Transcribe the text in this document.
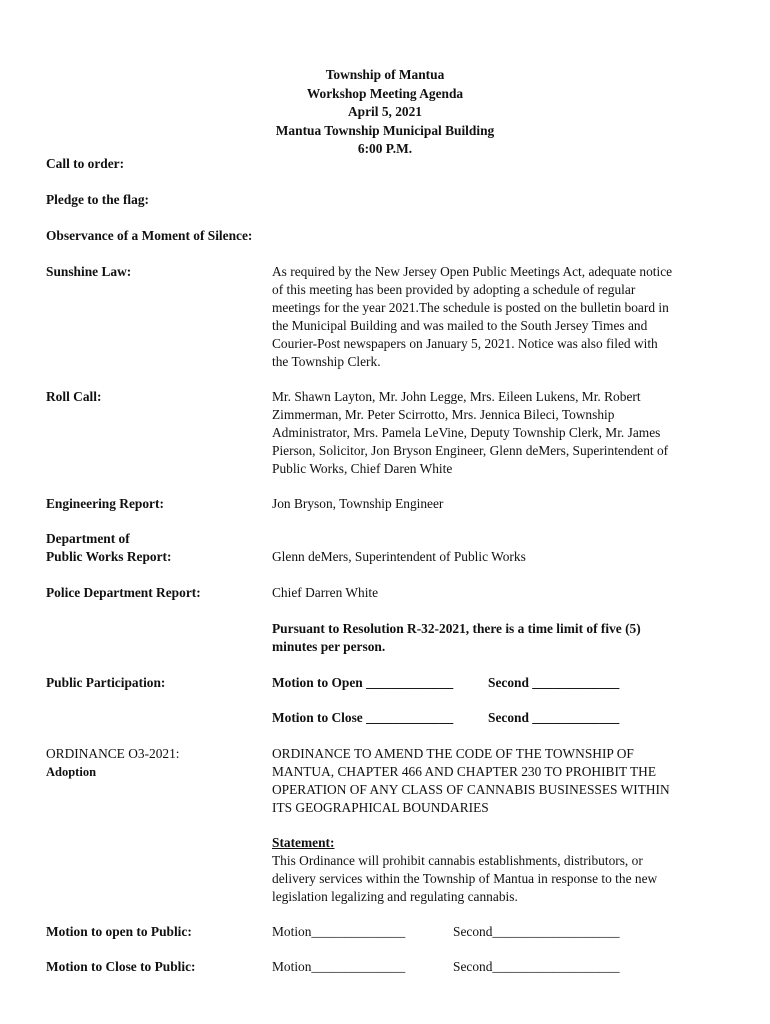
Township of Mantua
Workshop Meeting Agenda
April 5, 2021
Mantua Township Municipal Building
6:00 P.M.
Call to order:
Pledge to the flag:
Observance of a Moment of Silence:
Sunshine Law:	As required by the New Jersey Open Public Meetings Act, adequate notice
of this meeting has been provided by adopting a schedule of regular
meetings for the year 2021.The schedule is posted on the bulletin board in
the Municipal Building and was mailed to the South Jersey Times and
Courier-Post newspapers on January 5, 2021. Notice was also filed with
the Township Clerk.
Roll Call:	Mr. Shawn Layton, Mr. John Legge, Mrs. Eileen Lukens, Mr. Robert
Zimmerman, Mr. Peter Scirrotto, Mrs. Jennica Bileci, Township
Administrator, Mrs. Pamela LeVine, Deputy Township Clerk, Mr. James
Pierson, Solicitor, Jon Bryson Engineer, Glenn deMers, Superintendent of
Public Works, Chief Daren White
Engineering Report:	Jon Bryson, Township Engineer
Department of
Public Works Report:	Glenn deMers, Superintendent of Public Works
Police Department Report:	Chief Darren White
Pursuant to Resolution R-32-2021, there is a time limit of five (5)
minutes per person.
Public Participation:	Motion to Open _____________	Second _____________
Motion to Close _____________	Second _____________
ORDINANCE O3-2021:
Adoption
ORDINANCE TO AMEND THE CODE OF THE TOWNSHIP OF
MANTUA, CHAPTER 466 AND CHAPTER 230 TO PROHIBIT THE
OPERATION OF ANY CLASS OF CANNABIS BUSINESSES WITHIN
ITS GEOGRAPHICAL BOUNDARIES
Statement:
This Ordinance will prohibit cannabis establishments, distributors, or
delivery services within the Township of Mantua in response to the new
legislation legalizing and regulating cannabis.
Motion to open to Public:	Motion______________	Second___________________
Motion to Close to Public:	Motion______________	Second___________________
